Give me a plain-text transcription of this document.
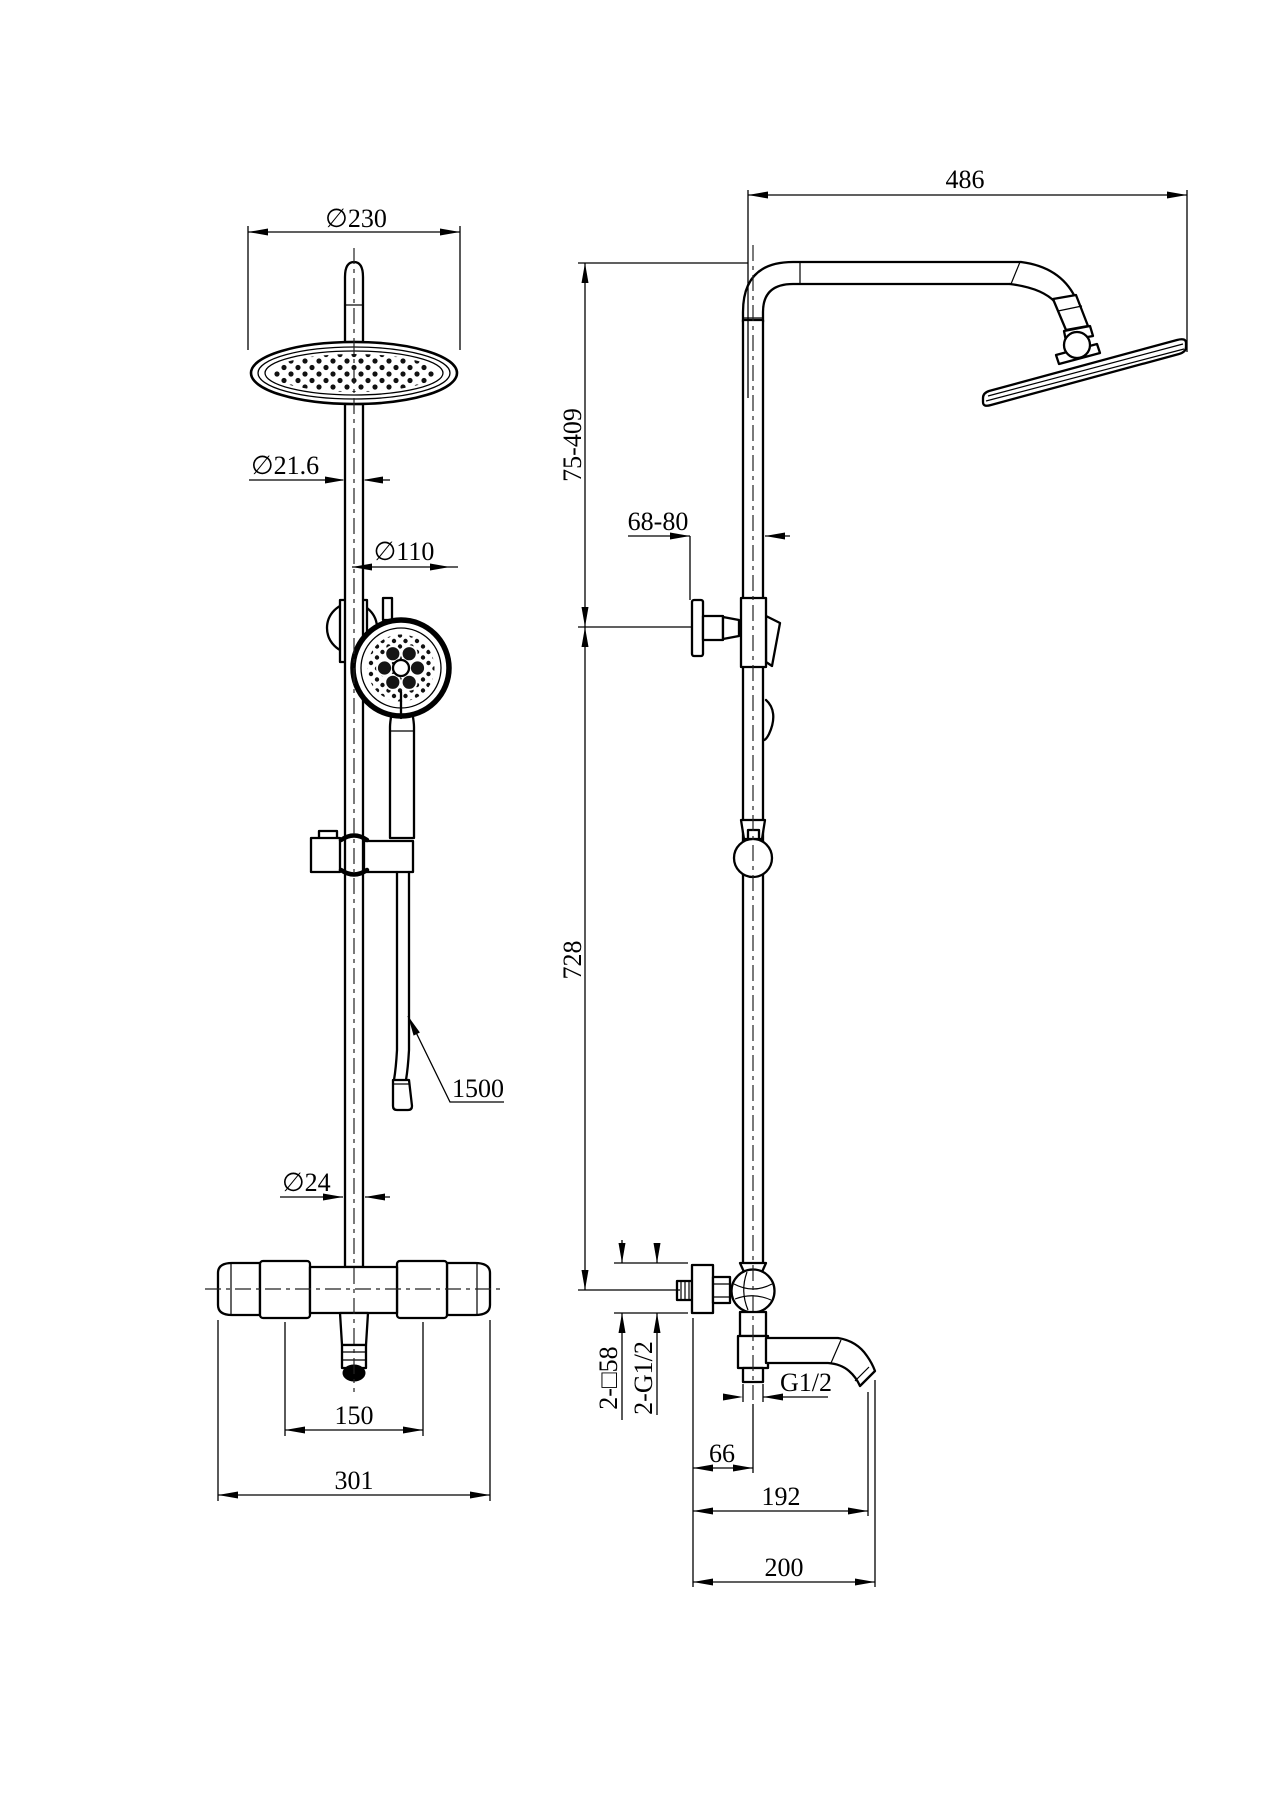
∅230
∅21.6
∅110
1500
∅24
150
301
486
75-409
68-80
728
2-□58 2-G1/2	G1/2
66
192
200
